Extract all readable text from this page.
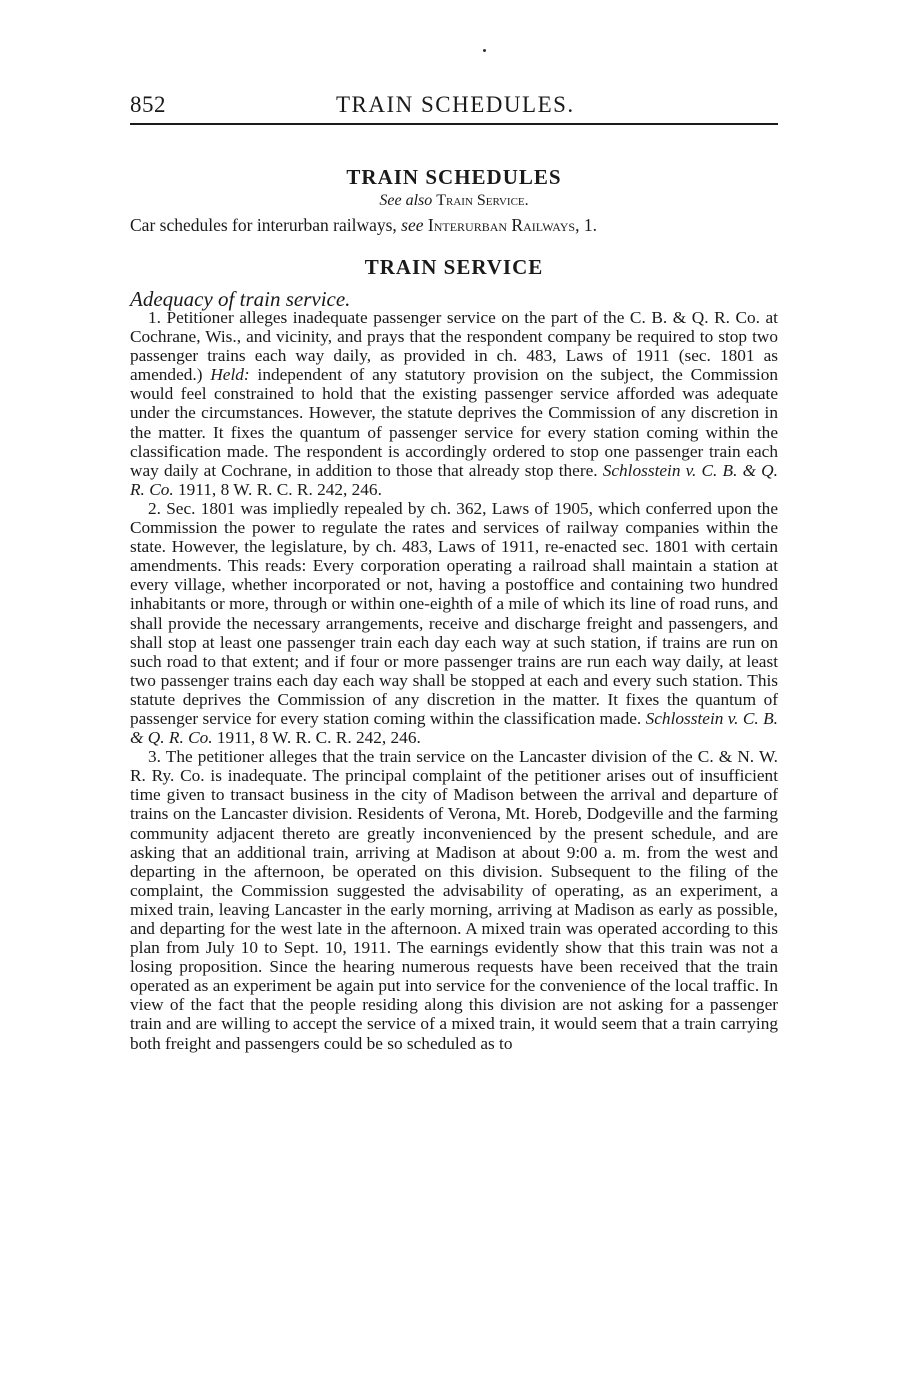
852	TRAIN SCHEDULES.
TRAIN SCHEDULES
See also Train Service.
Car schedules for interurban railways, see Interurban Railways, 1.
TRAIN SERVICE
Adequacy of train service.

1. Petitioner alleges inadequate passenger service on the part of the C. B. & Q. R. Co. at Cochrane, Wis., and vicinity, and prays that the respondent company be required to stop two passenger trains each way daily, as provided in ch. 483, Laws of 1911 (sec. 1801 as amended.) Held: independent of any statutory provision on the subject, the Commission would feel constrained to hold that the existing passenger service afforded was adequate under the circumstances. However, the statute deprives the Commission of any discretion in the matter. It fixes the quantum of passenger service for every station coming within the classification made. The respondent is accordingly ordered to stop one passenger train each way daily at Cochrane, in addition to those that already stop there. Schlosstein v. C. B. & Q. R. Co. 1911, 8 W. R. C. R. 242, 246.

2. Sec. 1801 was impliedly repealed by ch. 362, Laws of 1905, which conferred upon the Commission the power to regulate the rates and services of railway companies within the state. However, the legislature, by ch. 483, Laws of 1911, re-enacted sec. 1801 with certain amendments. This reads: Every corporation operating a railroad shall maintain a station at every village, whether incorporated or not, having a postoffice and containing two hundred inhabitants or more, through or within one-eighth of a mile of which its line of road runs, and shall provide the necessary arrangements, receive and discharge freight and passengers, and shall stop at least one passenger train each day each way at such station, if trains are run on such road to that extent; and if four or more passenger trains are run each way daily, at least two passenger trains each day each way shall be stopped at each and every such station. This statute deprives the Commission of any discretion in the matter. It fixes the quantum of passenger service for every station coming within the classification made. Schlosstein v. C. B. & Q. R. Co. 1911, 8 W. R. C. R. 242, 246.

3. The petitioner alleges that the train service on the Lancaster division of the C. & N. W. R. Ry. Co. is inadequate. The principal complaint of the petitioner arises out of insufficient time given to transact business in the city of Madison between the arrival and departure of trains on the Lancaster division. Residents of Verona, Mt. Horeb, Dodgeville and the farming community adjacent thereto are greatly inconvenienced by the present schedule, and are asking that an additional train, arriving at Madison at about 9:00 a. m. from the west and departing in the afternoon, be operated on this division. Subsequent to the filing of the complaint, the Commission suggested the advisability of operating, as an experiment, a mixed train, leaving Lancaster in the early morning, arriving at Madison as early as possible, and departing for the west late in the afternoon. A mixed train was operated according to this plan from July 10 to Sept. 10, 1911. The earnings evidently show that this train was not a losing proposition. Since the hearing numerous requests have been received that the train operated as an experiment be again put into service for the convenience of the local traffic. In view of the fact that the people residing along this division are not asking for a passenger train and are willing to accept the service of a mixed train, it would seem that a train carrying both freight and passengers could be so scheduled as to
